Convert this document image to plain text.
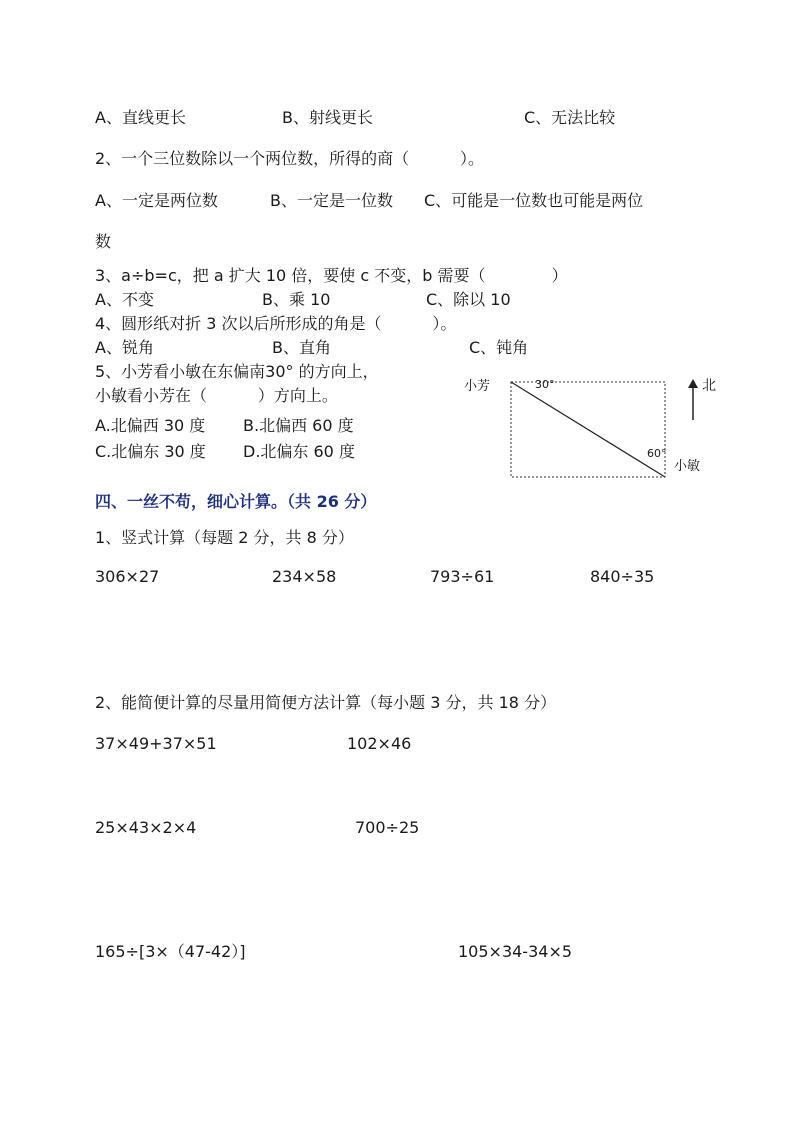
A、直线更长	B、射线更长	C、无法比较
2、一个三位数除以一个两位数，所得的商（          ）。
A、一定是两位数	B、一定是一位数 C、可能是一位数也可能是两位
数
3、a÷b=c，把 a 扩大 10 倍，要使 c 不变，b 需要（             ）
A、不变	B、乘 10	C、除以 10
4、圆形纸对折 3 次以后所形成的角是（          ）。
A、锐角	B、直角	C、钝角
5、小芳看小敏在东偏南30° 的方向上，
小敏看小芳在（          ）方向上。
A.北偏西 30 度 B.北偏西 60 度
C.北偏东 30 度 D.北偏东 60 度
小芳	30°
60°
小敏
北
四、一丝不苟，细心计算。（共 26 分）
1、竖式计算（每题 2 分，共 8 分）
306×27	234×58	793÷61	840÷35
2、能简便计算的尽量用简便方法计算（每小题 3 分，共 18 分）
37×49+37×51	102×46
25×43×2×4	700÷25
165÷[3×（47-42）]	105×34-34×5
